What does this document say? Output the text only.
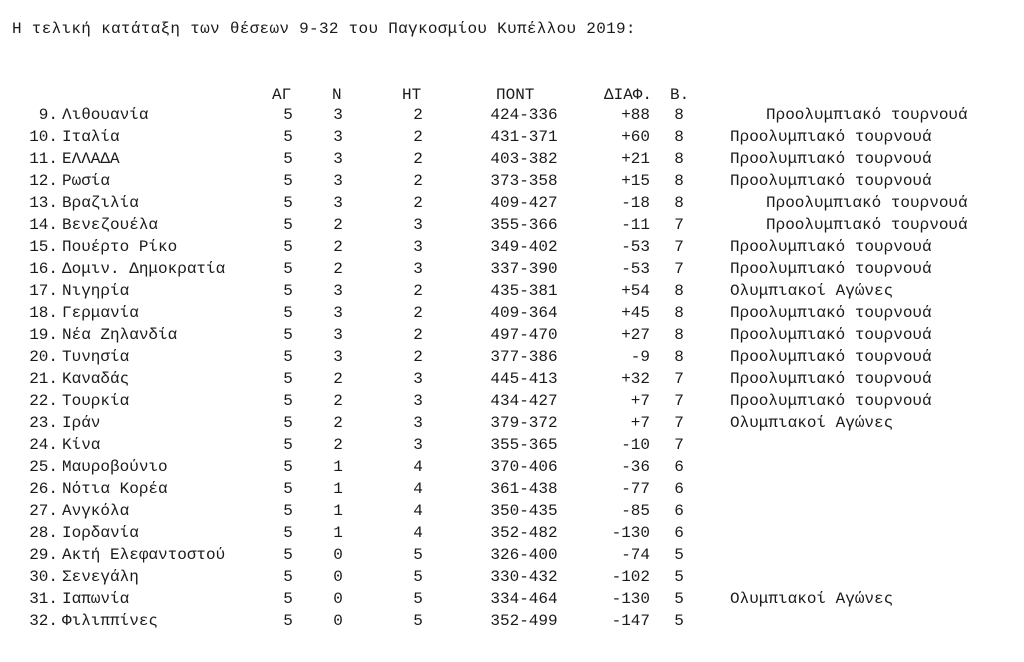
Η τελική κατάταξη των θέσεων 9-32 του Παγκοσμίου Κυπέλλου 2019:
ΑΓ	Ν	ΗΤ	ΠΟΝΤ	ΔΙΑΦ. Β.
9. Λιθουανία	5	3	2	424-336	+88 8	Προολυμπιακό τουρνουά
10. Ιταλία	5	3	2	431-371	+60 8	Προολυμπιακό τουρνουά
11. ΕΛΛΑΔΑ	5	3	2	403-382	+21 8	Προολυμπιακό τουρνουά
12. Ρωσία	5	3	2	373-358	+15 8	Προολυμπιακό τουρνουά
13. Βραζιλία	5	3	2	409-427	-18 8	Προολυμπιακό τουρνουά
14. Βενεζουέλα	5	2	3	355-366	-11 7	Προολυμπιακό τουρνουά
15. Πουέρτο Ρίκο	5	2	3	349-402	-53 7	Προολυμπιακό τουρνουά
16. Δομιν. Δημοκρατία	5	2	3	337-390	-53 7	Προολυμπιακό τουρνουά
17. Νιγηρία	5	3	2	435-381	+54 8	Ολυμπιακοί Αγώνες
18. Γερμανία	5	3	2	409-364	+45 8	Προολυμπιακό τουρνουά
19. Νέα Ζηλανδία	5	3	2	497-470	+27 8	Προολυμπιακό τουρνουά
20. Τυνησία	5	3	2	377-386	-9 8	Προολυμπιακό τουρνουά
21. Καναδάς	5	2	3	445-413	+32 7	Προολυμπιακό τουρνουά
22. Τουρκία	5	2	3	434-427	+7 7	Προολυμπιακό τουρνουά
23. Ιράν	5	2	3	379-372	+7 7	Ολυμπιακοί Αγώνες
24. Κίνα	5	2	3	355-365	-10 7
25. Μαυροβούνιο	5	1	4	370-406	-36 6
26. Νότια Κορέα	5	1	4	361-438	-77 6
27. Ανγκόλα	5	1	4	350-435	-85 6
28. Ιορδανία	5	1	4	352-482	-130 6
29. Ακτή Ελεφαντοστού	5	0	5	326-400	-74 5
30. Σενεγάλη	5	0	5	330-432	-102 5
31. Ιαπωνία	5	0	5	334-464	-130 5	Ολυμπιακοί Αγώνες
32. Φιλιππίνες	5	0	5	352-499	-147 5
